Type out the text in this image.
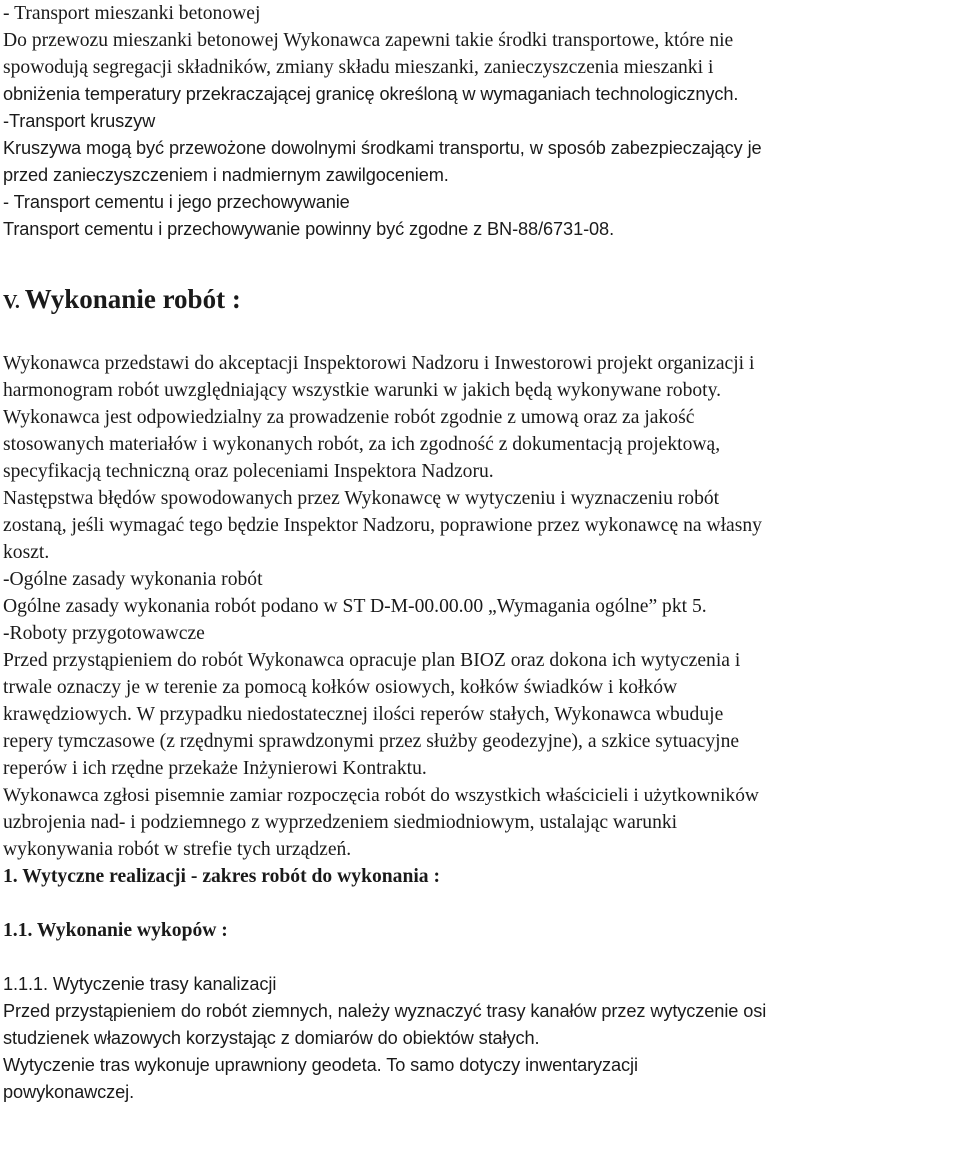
- Transport mieszanki betonowej

Do przewozu mieszanki betonowej Wykonawca zapewni takie środki transportowe, które nie

spowodują segregacji składników, zmiany składu mieszanki, zanieczyszczenia mieszanki i

obniżenia temperatury przekraczającej granicę określoną w wymaganiach technologicznych.

-Transport kruszyw

Kruszywa mogą być przewożone dowolnymi środkami transportu, w sposób zabezpieczający je

przed zanieczyszczeniem i nadmiernym zawilgoceniem.

- Transport cementu i jego przechowywanie

Transport cementu i przechowywanie powinny być zgodne z BN-88/6731-08.

V. Wykonanie robót :

Wykonawca przedstawi do akceptacji Inspektorowi Nadzoru i Inwestorowi projekt organizacji i

harmonogram robót uwzględniający wszystkie warunki w jakich będą wykonywane roboty.

Wykonawca jest odpowiedzialny za prowadzenie robót zgodnie z umową oraz za jakość

stosowanych materiałów i wykonanych robót, za ich zgodność z dokumentacją projektową,

specyfikacją techniczną oraz poleceniami Inspektora Nadzoru.

Następstwa błędów spowodowanych przez Wykonawcę w wytyczeniu i wyznaczeniu robót

zostaną, jeśli wymagać tego będzie Inspektor Nadzoru, poprawione przez wykonawcę na własny

koszt.

-Ogólne zasady wykonania robót

Ogólne zasady wykonania robót podano w ST D-M-00.00.00 „Wymagania ogólne” pkt 5.

-Roboty przygotowawcze

Przed przystąpieniem do robót Wykonawca opracuje plan BIOZ oraz dokona ich wytyczenia i

trwale oznaczy je w terenie za pomocą kołków osiowych, kołków świadków i kołków

krawędziowych. W przypadku niedostatecznej ilości reperów stałych, Wykonawca wbuduje

repery tymczasowe (z rzędnymi sprawdzonymi przez służby geodezyjne), a szkice sytuacyjne

reperów i ich rzędne przekaże Inżynierowi Kontraktu.

Wykonawca zgłosi pisemnie zamiar rozpoczęcia robót do wszystkich właścicieli i użytkowników

uzbrojenia nad- i podziemnego z wyprzedzeniem siedmiodniowym, ustalając warunki

wykonywania robót w strefie tych urządzeń.

1. Wytyczne realizacji - zakres robót do wykonania :

1.1. Wykonanie wykopów :

1.1.1. Wytyczenie trasy kanalizacji

Przed przystąpieniem do robót ziemnych, należy wyznaczyć trasy kanałów przez wytyczenie osi

studzienek włazowych korzystając z domiarów do obiektów stałych.

Wytyczenie tras wykonuje uprawniony geodeta. To samo dotyczy inwentaryzacji

powykonawczej.
